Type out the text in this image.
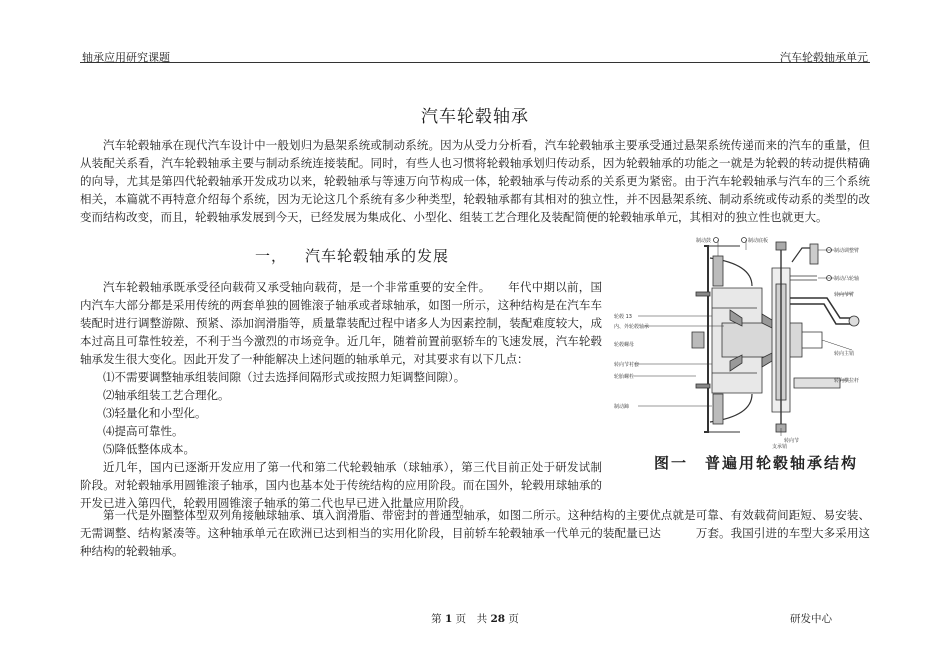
轴承应用研究课题	汽车轮毂轴承单元
汽车轮毂轴承

汽车轮毂轴承在现代汽车设计中一般划归为悬架系统或制动系统。因为从受力分析看，汽车轮毂轴承主要承受通过悬架系统传递而来的汽车的重量，但从装配关系看，汽车轮毂轴承主要与制动系统连接装配。同时，有些人也习惯将轮毂轴承划归传动系，因为轮毂轴承的功能之一就是为轮毂的转动提供精确的向导，尤其是第四代轮毂轴承开发成功以来，轮毂轴承与等速万向节构成一体，轮毂轴承与传动系的关系更为紧密。由于汽车轮毂轴承与汽车的三个系统相关，本篇就不再特意介绍每个系统，因为无论这几个系统有多少种类型，轮毂轴承都有其相对的独立性，并不因悬架系统、制动系统或传动系的类型的改变而结构改变，而且，轮毂轴承发展到今天，已经发展为集成化、小型化、组装工艺合理化及装配简便的轮毂轴承单元，其相对的独立性也就更大。

一， 汽车轮毂轴承的发展

汽车轮毂轴承既承受径向载荷又承受轴向载荷，是一个非常重要的安全件。　　年代中期以前，国内汽车大部分都是采用传统的两套单独的圆锥滚子轴承或者球轴承，如图一所示，这种结构是在汽车车装配时进行调整游隙、预紧、添加润滑脂等，质量靠装配过程中诸多人为因素控制，装配难度较大，成本过高且可靠性较差，不利于当今激烈的市场竞争。近几年，随着前置前驱轿车的飞速发展，汽车轮毂轴承发生很大变化。因此开发了一种能解决上述问题的轴承单元，对其要求有以下几点：

⑴不需要调整轴承组装间隙（过去选择间隔形式或按照力矩调整间隙）。
⑵轴承组装工艺合理化。
⑶轻量化和小型化。
⑷提高可靠性。
⑸降低整体成本。

近几年，国内已逐渐开发应用了第一代和第二代轮毂轴承（球轴承），第三代目前正处于研发试制阶段。对轮毂轴承用圆锥滚子轴承，国内也基本处于传统结构的应用阶段。而在国外，轮毂用球轴承的开发已进入第四代，轮毂用圆锥滚子轴承的第二代也早已进入批量应用阶段。

第一代是外圈整体型双列角接触球轴承、填入润滑脂、带密封的普通型轴承，如图二所示。这种结构的主要优点就是可靠、有效载荷间距短、易安装、无需调整、结构紧凑等。这种轴承单元在欧洲已达到相当的实用化阶段，目前轿车轮毂轴承一代单元的装配量已达　　　万套。我国引进的车型大多采用这种结构的轮毂轴承。

制动鼓	制动底板
制动调整臂
制动凸轮轴
转向节臂
转向主销
轮胎螺栓
转向节
轮毂 13
内、外轮毂轴承
转向节衬套
轮毂螺母
制动蹄
支承销
转向横拉杆
图一　普遍用轮毂轴承结构
第 1 页　共 28 页	研发中心
